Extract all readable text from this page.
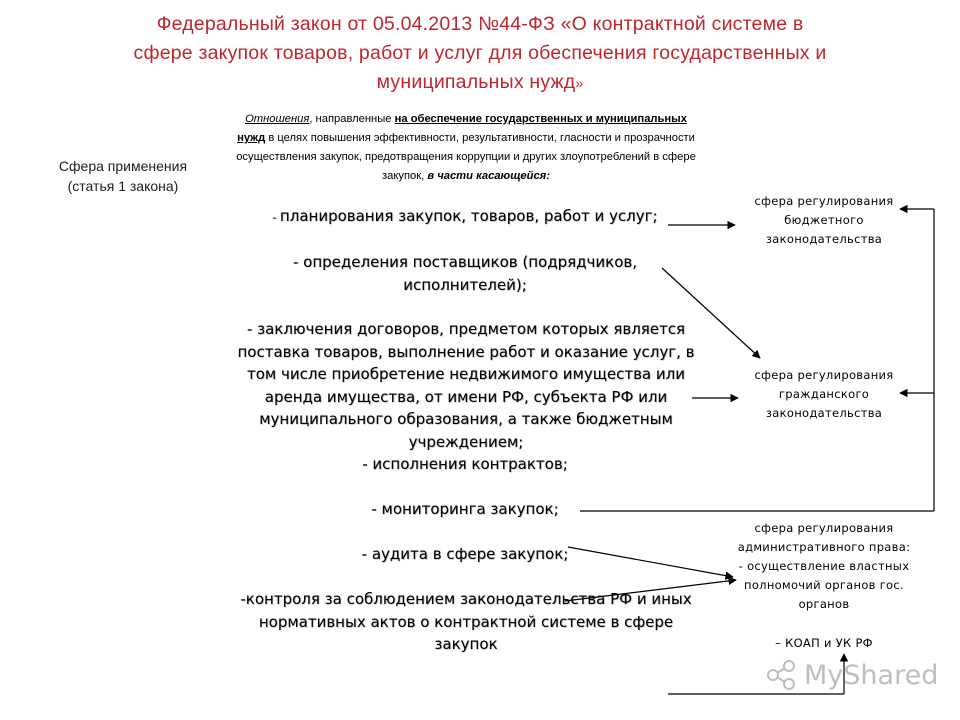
Федеральный закон от 05.04.2013 №44-ФЗ «О контрактной системе в
сфере закупок товаров, работ и услуг для обеспечения государственных и
муниципальных нужд»
Сфера применения
(статья 1 закона)
Отношения, направленные на обеспечение государственных и муниципальных нужд в целях повышения эффективности, результативности, гласности и прозрачности осуществления закупок, предотвращения коррупции и других злоупотреблений в сфере закупок, в части касающейся:
- планирования закупок, товаров, работ и услуг;
- определения поставщиков (подрядчиков, исполнителей);
- заключения договоров, предметом которых является поставка товаров, выполнение работ и оказание услуг, в том числе приобретение недвижимого имущества или аренда имущества, от имени РФ, субъекта РФ или муниципального образования, а также бюджетным учреждением;
- исполнения контрактов;
- мониторинга закупок;
- аудита в сфере закупок;
-контроля за соблюдением законодательства РФ и иных нормативных актов о контрактной системе в сфере закупок
сфера регулирования бюджетного законодательства
сфера регулирования гражданского законодательства
сфера регулирования
административного права:
- осуществление властных полномочий органов гос. органов
– КОАП и УК РФ
MyShared
